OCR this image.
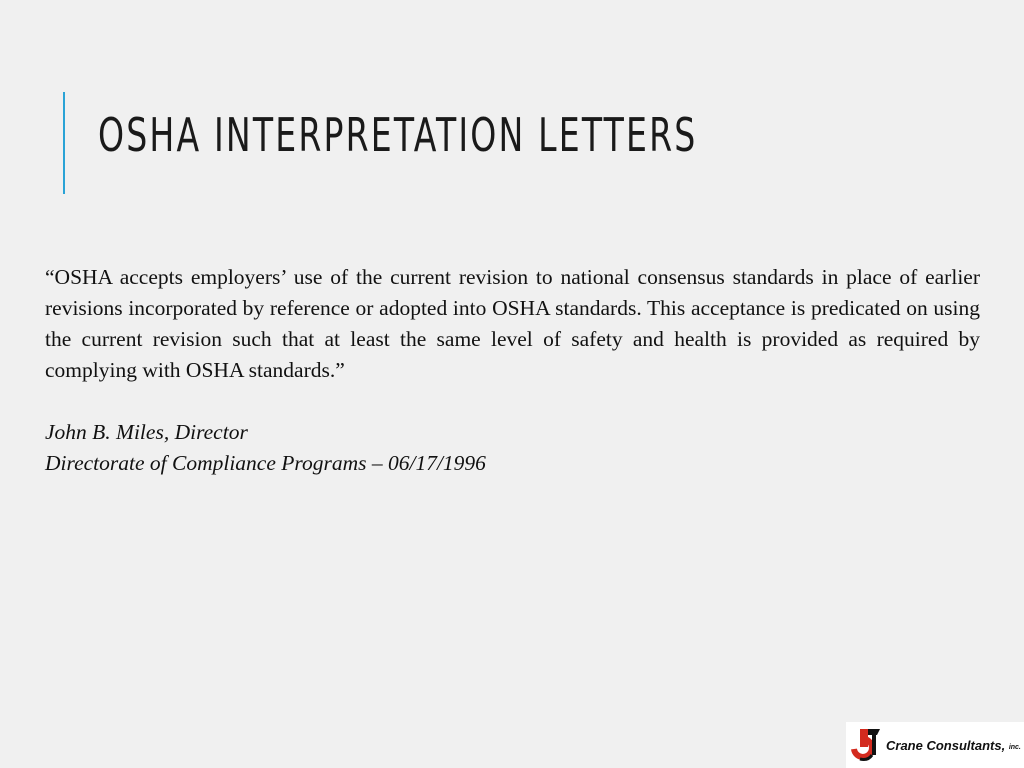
OSHA INTERPRETATION LETTERS

“OSHA accepts employers’ use of the current revision to national consensus standards in place of earlier revisions incorporated by reference or adopted into OSHA standards. This acceptance is predicated on using the current revision such that at least the same level of safety and health is provided as required by complying with OSHA standards.”

John B. Miles, Director
Directorate of Compliance Programs – 06/17/1996
Crane Consultants, inc.
